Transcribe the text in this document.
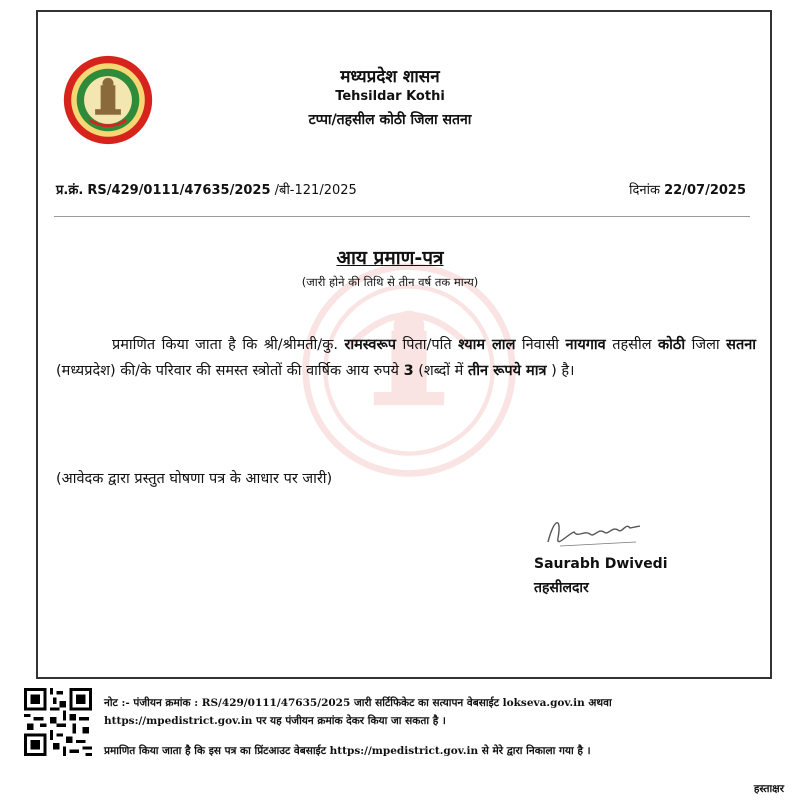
मध्यप्रदेश शासन
Tehsildar Kothi
टप्पा/तहसील कोठी जिला सतना
प्र.क्रं. RS/429/0111/47635/2025 /बी-121/2025	दिनांक 22/07/2025
आय प्रमाण-पत्र
(जारी होने की तिथि से तीन वर्ष तक मान्य)
प्रमाणित किया जाता है कि श्री/श्रीमती/कु. रामस्वरूप पिता/पति श्याम लाल निवासी नायगाव तहसील कोठी जिला सतना (मध्यप्रदेश) की/के परिवार की समस्त स्त्रोतों की वार्षिक आय रुपये 3 (शब्दों में तीन रूपये मात्र ) है।
(आवेदक द्वारा प्रस्तुत घोषणा पत्र के आधार पर जारी)
Saurabh Dwivedi
तहसीलदार
नोट :- पंजीयन क्रमांक : RS/429/0111/47635/2025 जारी सर्टिफिकेट का सत्यापन वेबसाईट lokseva.gov.in अथवा
https://mpedistrict.gov.in पर यह पंजीयन क्रमांक देकर किया जा सकता है ।
प्रमाणित किया जाता है कि इस पत्र का प्रिंटआउट वेबसाईट https://mpedistrict.gov.in से मेरे द्वारा निकाला गया है ।
हस्ताक्षर
